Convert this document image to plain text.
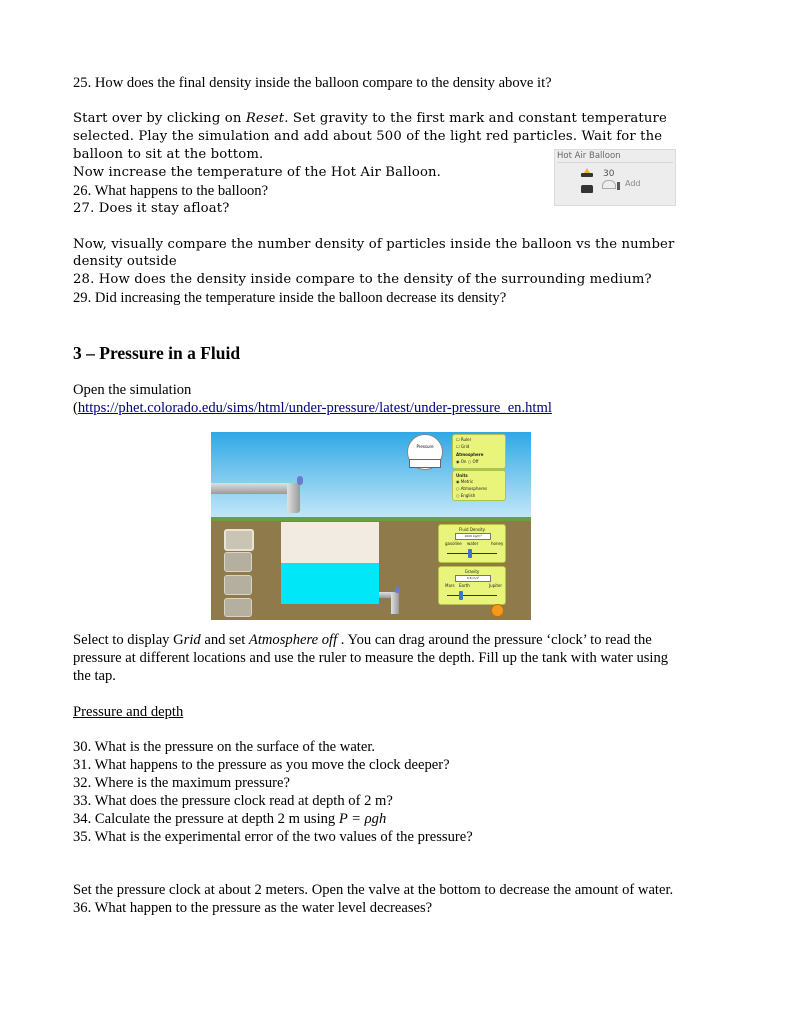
25. How does the final density inside the balloon compare to the density above it?
Start over by clicking on Reset. Set gravity to the first mark and constant temperature
selected. Play the simulation and add about 500 of the light red particles. Wait for the
balloon to sit at the bottom.
Now increase the temperature of the Hot Air Balloon.
26. What happens to the balloon?
27. Does it stay afloat?
Hot Air Balloon
30
Add
Now, visually compare the number density of particles inside the balloon vs the number
density outside
28. How does the density inside compare to the density of the surrounding medium?
29. Did increasing the temperature inside the balloon decrease its density?
3 – Pressure in a Fluid
Open the simulation
(https://phet.colorado.edu/sims/html/under-pressure/latest/under-pressure_en.html
Pressure
☐ Ruler
☐ Grid
Atmosphere
◉ On ○ Off
Units
◉ Metric
○ Atmospheres
○ English
Fluid Density
1000 kg/m³
gasoline water	honey
Gravity
9.8 m/s²
Mars Earth	Jupiter
Select to display Grid and set Atmosphere off . You can drag around the pressure ‘clock’ to read the
pressure at different locations and use the ruler to measure the depth. Fill up the tank with water using
the tap.
Pressure and depth
30. What is the pressure on the surface of the water.
31. What happens to the pressure as you move the clock deeper?
32. Where is the maximum pressure?
33. What does the pressure clock read at depth of 2 m?
34. Calculate the pressure at depth 2 m using P = ρgh
35. What is the experimental error of the two values of the pressure?
Set the pressure clock at about 2 meters. Open the valve at the bottom to decrease the amount of water.
36. What happen to the pressure as the water level decreases?
